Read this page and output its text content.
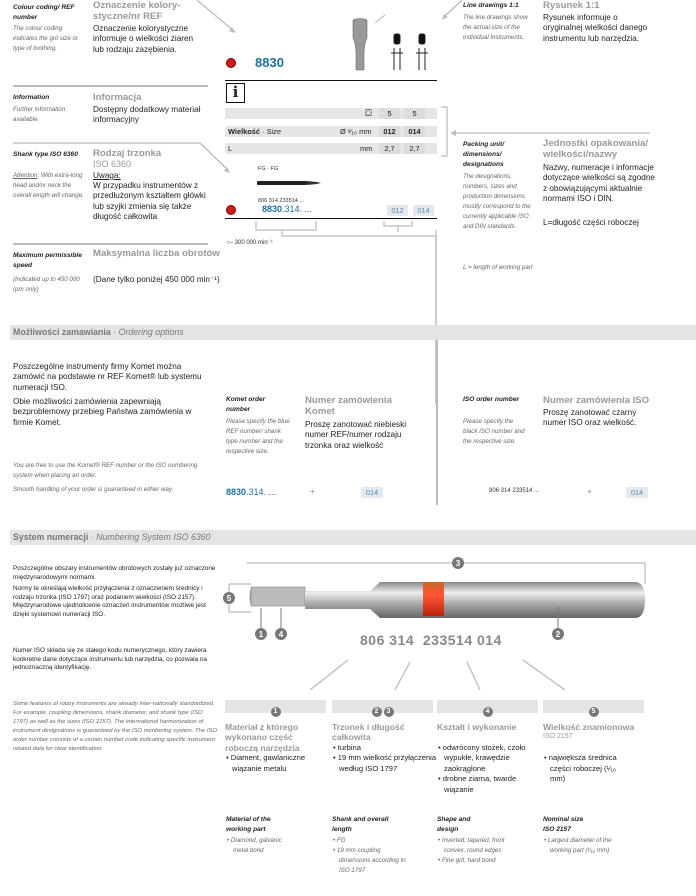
Colour coding/ REF number
The colour coding indicates the grit size or type of toothing.
Oznaczenie kolory-styczne/nr REF
Oznaczenie kolorystyczne informuje o wielkości ziaren lub rodzaju zazębienia.
8830
Line drawings 1:1
The line drawings show the actual size of the individual instruments.
Rysunek 1:1
Rysunek informuje o oryginalnej wielkości danego instrumentu lub narzędzia.
Information
Further information available.
Informacja
Dostępny dodatkowy materiał informacyjny
i
⛋	5	5
Wielkość · Size	Ø ¹⁄₁₀ mm	012	014
L	mm	2,7	2,7	Packing unit/ dimensions/ designations
The designations, numbers, sizes and production dimensions mostly correspond to the currently applicable ISO and DIN standards.
L = length of working part
Jednostki opakowania/ wielkości/nazwy
Nazwy, numeracje i informacje dotyczące wielkości są zgodne z obowiązującymi aktualnie normami ISO i DIN.
L=długość części roboczej
Shank type ISO 6360
Attention: With extra-long head and/or neck the overall length will change.
Rodzaj trzonka
ISO 6360
Uwaga:
W przypadku instrumentów z przedłużonym kształtem główki lub szyjki zmienia się także długość całkowita
FG · FG
806 314 233514 ...
8830.314. ...	012	014
○– 300 000 min⁻¹
Maximum permissible speed
(Indicated up to 450 000 rpm only)
Maksymalna liczba obrotów
(Dane tylko poniżej 450 000 min⁻¹)
Możliwości zamawiania · Ordering options
Poszczególne instrumenty firmy Komet można zamówić na podstawie nr REF Komet® lub systemu numeracji ISO.
Obie możliwości zamówienia zapewniają bezproblemowy przebieg Państwa zamówienia w firmie Komet.
You are free to use the Komet® REF number or the ISO numbering system when placing an order.
Smooth handling of your order is guaranteed in either way.
Komet order number
Please specify the blue REF number/ shank type number and the respective size.
Numer zamówienia Komet
Proszę zanotować niebieski numer REF/numer rodzaju trzonka oraz wielkość
8830.314. ...	+	014
ISO order number
Please specify the black ISO number and the respective size.
Numer zamówienia ISO
Proszę zanotować czarny numer ISO oraz wielkość.
806 314 233514 ...	+	014
System numeracji · Numbering System ISO 6360
Poszczególne obszary instrumentów obrotowych zostały już oznaczone międzynarodowymi normami.
Normy te określają wielkość przyłączenia z oznaczeniem średnicy i rodzaju trzonka (ISO 1797) oraz podaniem wielkości (ISO 2157). Międzynarodowe ujednolicenie oznaczeń instrumentów możliwe jest dzięki systemowi numeracji ISO.
Numer ISO składa się ze stałego kodu numerycznego, który zawiera konkretne dane dotyczące instrumentu lub narzędzia, co pozwala na jednoznaczną identyfikację.
Some features of rotary instruments are already inter-nationally standardized. For example, coupling dimensions, shank diameter, and shank type (ISO 1797) as well as the sizes (ISO 2157). The international harmonization of instrument designations is guaranteed by the ISO numbering system. The ISO order number consists of a certain number code indicating specific instrument related data for clear identification.
3
5
1 4	2
806 314  233514 014
1	2 3	4	5
Materiał z którego wykonano część roboczą narzędzia
• Diament, gawlaniczne wiązanie metalu
Trzonek i długość całkowita
• turbina
• 19 mm wielkość przyłączenia według ISO 1797
Kształt i wykonanie
• odwrócony stożek, czoło wypukłe, krawędzie zaokrąglone
• drobne ziarna, twarde wiązanie
Wielkość znamionowa
ISO 2157
• największa średnica części roboczej (¹⁄₁₀ mm)
Material of the working part
• Diamond, galvanic metal bond
Shank and overall length
• FG
• 19 mm coupling dimensions according to ISO 1797
Shape and design
• Inverted, tapered, front convex, round edges
• Fine grit, hard bond
Nominal size ISO 2157
• Largest diameter of the working part (¹⁄₁₀ mm)
